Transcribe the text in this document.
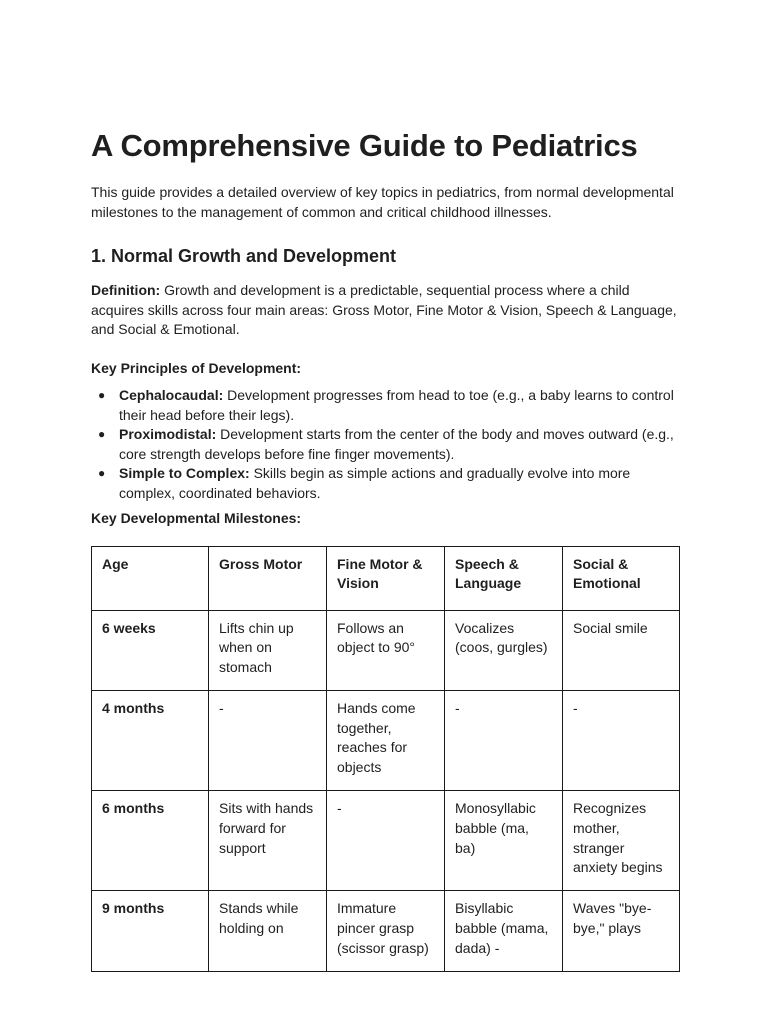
A Comprehensive Guide to Pediatrics

This guide provides a detailed overview of key topics in pediatrics, from normal developmental milestones to the management of common and critical childhood illnesses.

1. Normal Growth and Development

Definition: Growth and development is a predictable, sequential process where a child acquires skills across four main areas: Gross Motor, Fine Motor & Vision, Speech & Language, and Social & Emotional.

Key Principles of Development:

● Cephalocaudal: Development progresses from head to toe (e.g., a baby learns to control their head before their legs).
● Proximodistal: Development starts from the center of the body and moves outward (e.g., core strength develops before fine finger movements).
● Simple to Complex: Skills begin as simple actions and gradually evolve into more complex, coordinated behaviors.

Key Developmental Milestones:

Age	Gross Motor	Fine Motor & Vision	Speech & Language	Social & Emotional
6 weeks	Lifts chin up when on stomach	Follows an object to 90°	Vocalizes (coos, gurgles)	Social smile
4 months	-	Hands come together, reaches for objects	-	-
6 months	Sits with hands forward for support	-	Monosyllabic babble (ma, ba)	Recognizes mother, stranger anxiety begins
9 months	Stands while holding on	Immature pincer grasp (scissor grasp)	Bisyllabic babble (mama, dada) -	Waves "bye-bye," plays
